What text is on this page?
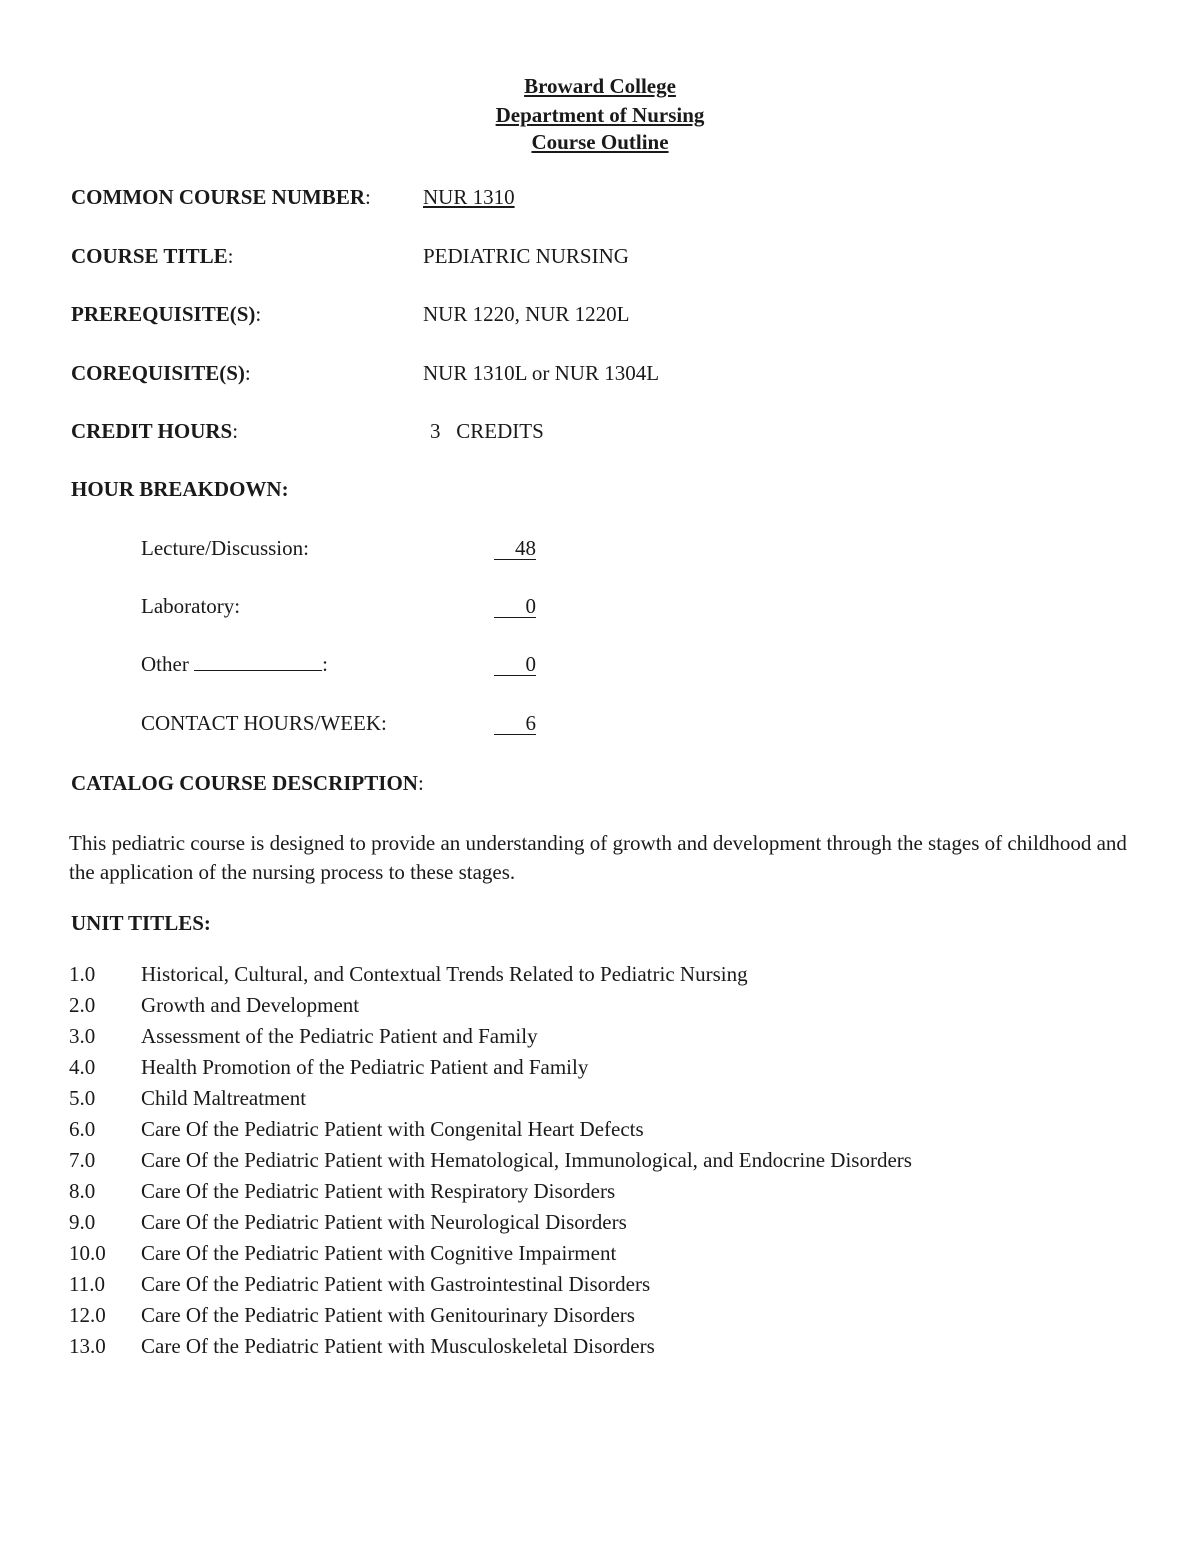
Broward College
Department of Nursing
Course Outline
COMMON COURSE NUMBER: NUR 1310
COURSE TITLE:	PEDIATRIC NURSING
PREREQUISITE(S):	NUR 1220, NUR 1220L
COREQUISITE(S):	NUR 1310L or NUR 1304L
CREDIT HOURS:	3   CREDITS
HOUR BREAKDOWN:
Lecture/Discussion:	48
Laboratory:	0
Other	:	0
CONTACT HOURS/WEEK:	6
CATALOG COURSE DESCRIPTION:
This pediatric course is designed to provide an understanding of growth and development through the stages of childhood and the application of the nursing process to these stages.
UNIT TITLES:
1.0 Historical, Cultural, and Contextual Trends Related to Pediatric Nursing
2.0 Growth and Development
3.0 Assessment of the Pediatric Patient and Family
4.0 Health Promotion of the Pediatric Patient and Family
5.0 Child Maltreatment
6.0 Care Of the Pediatric Patient with Congenital Heart Defects
7.0 Care Of the Pediatric Patient with Hematological, Immunological, and Endocrine Disorders
8.0 Care Of the Pediatric Patient with Respiratory Disorders
9.0 Care Of the Pediatric Patient with Neurological Disorders
10.0 Care Of the Pediatric Patient with Cognitive Impairment
11.0 Care Of the Pediatric Patient with Gastrointestinal Disorders
12.0 Care Of the Pediatric Patient with Genitourinary Disorders
13.0 Care Of the Pediatric Patient with Musculoskeletal Disorders
